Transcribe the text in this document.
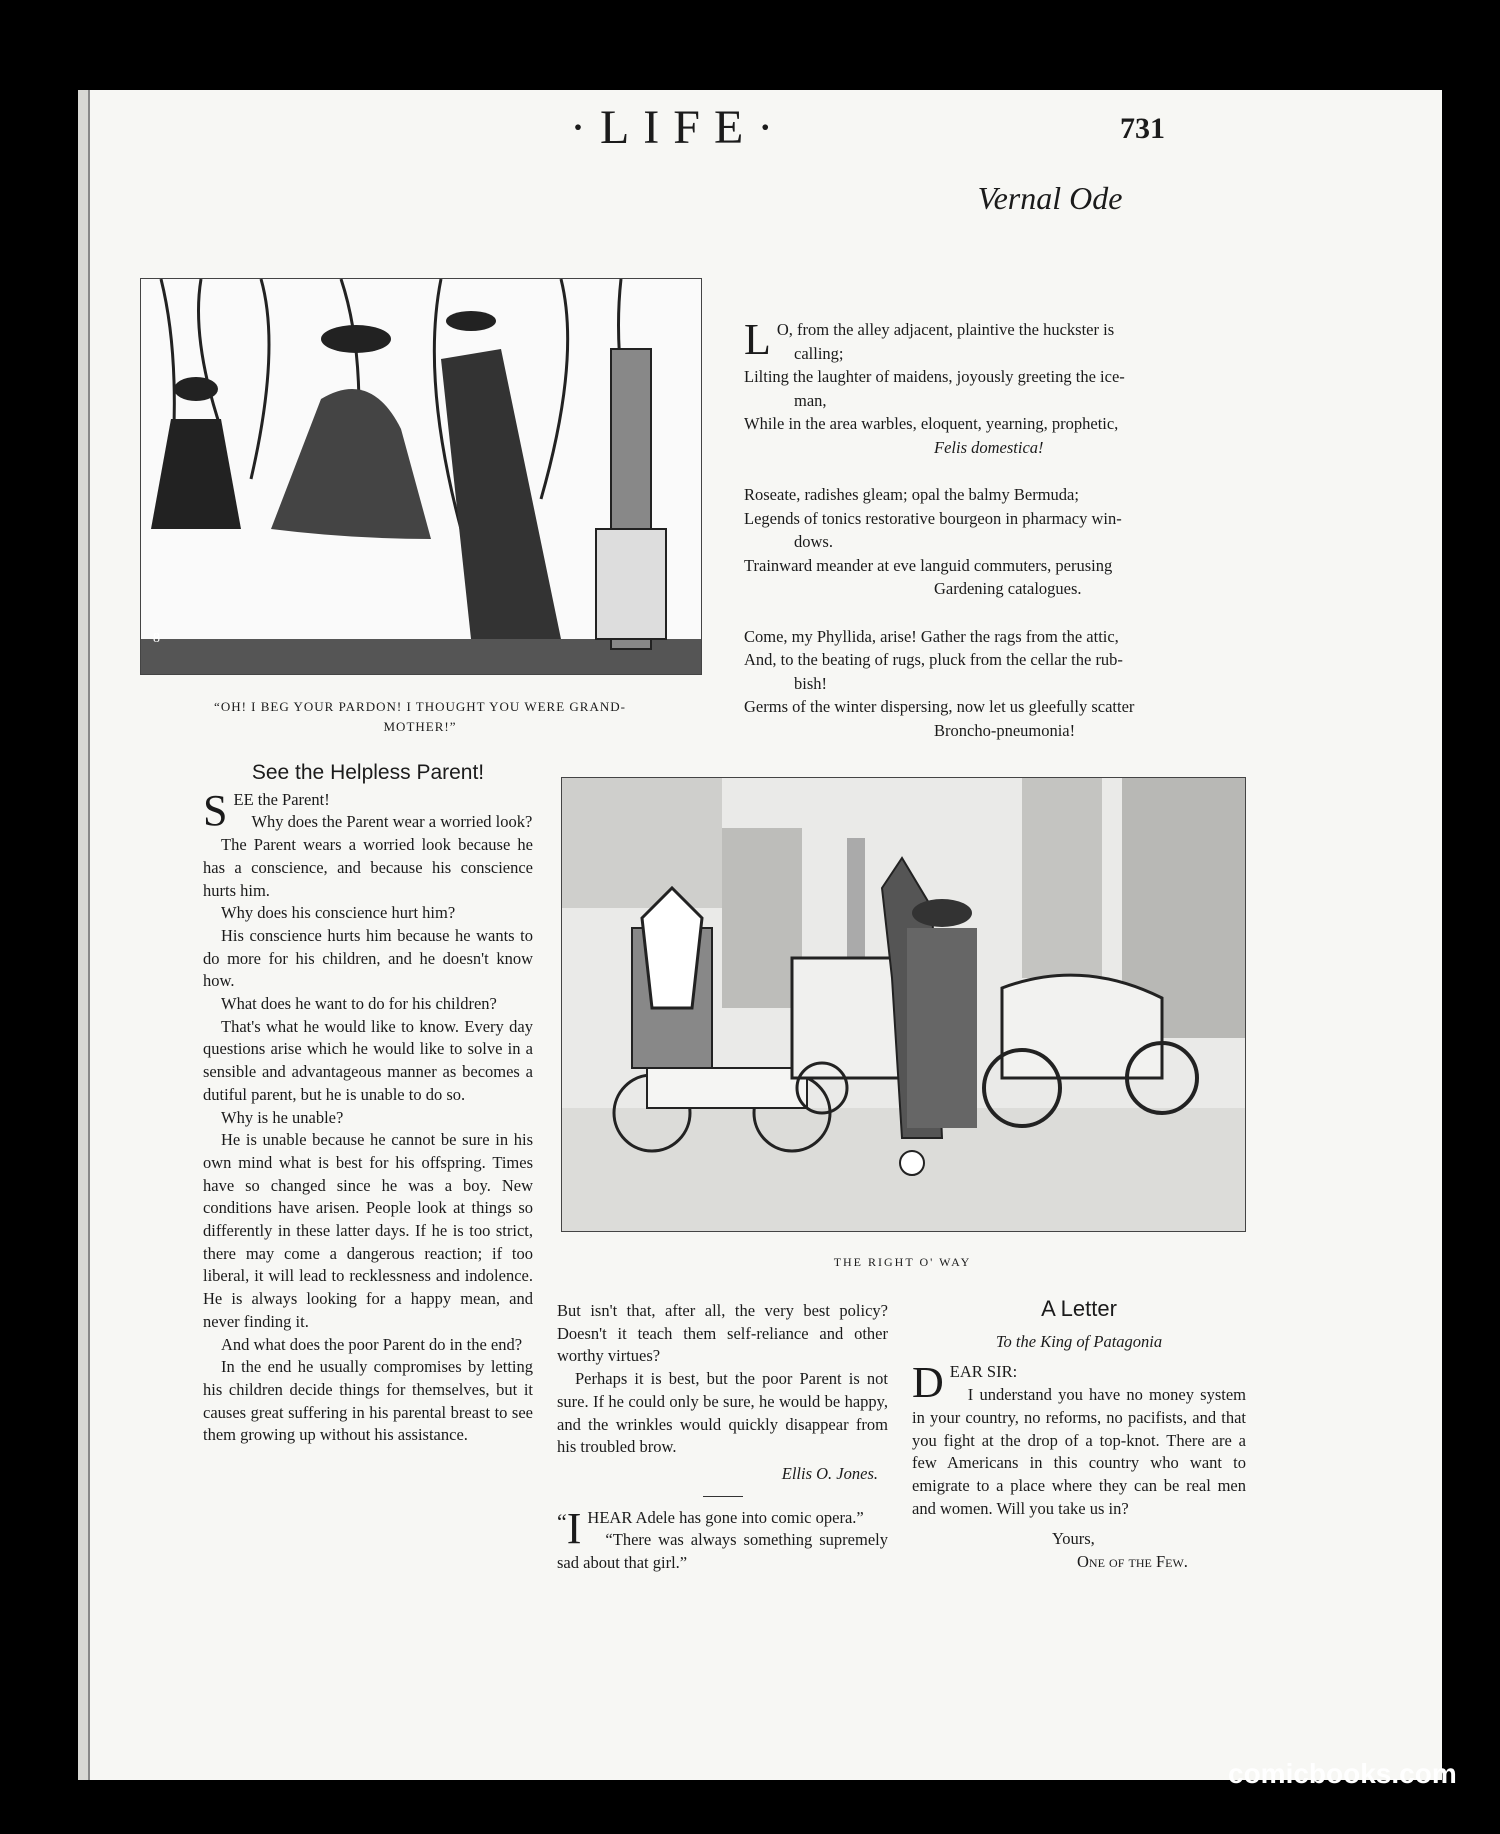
·LIFE·	731
8
“OH! I BEG YOUR PARDON! I THOUGHT YOU WERE GRAND-
MOTHER!”
Vernal Ode
L O, from the alley adjacent, plaintive the huckster is

calling;

Lilting the laughter of maidens, joyously greeting the ice-

man,

While in the area warbles, eloquent, yearning, prophetic,

Felis domestica!

Roseate, radishes gleam; opal the balmy Bermuda;

Legends of tonics restorative bourgeon in pharmacy win-

dows.

Trainward meander at eve languid commuters, perusing

Gardening catalogues.

Come, my Phyllida, arise! Gather the rags from the attic,

And, to the beating of rugs, pluck from the cellar the rub-

bish!

Germs of the winter dispersing, now let us gleefully scatter

Broncho-pneumonia!

See the Helpless Parent!
S EE the Parent!

Why does the Parent wear a worried look?

The Parent wears a worried look because he has a conscience, and because his conscience hurts him.

Why does his conscience hurt him?

His conscience hurts him because he wants to do more for his children, and he doesn't know how.

What does he want to do for his children?

That's what he would like to know. Every day questions arise which he would like to solve in a sensible and advantageous manner as becomes a dutiful parent, but he is unable to do so.

Why is he unable?

He is unable because he cannot be sure in his own mind what is best for his offspring. Times have so changed since he was a boy. New conditions have arisen. People look at things so differently in these latter days. If he is too strict, there may come a dangerous reaction; if too liberal, it will lead to recklessness and indolence. He is always looking for a happy mean, and never finding it.

And what does the poor Parent do in the end?

In the end he usually compromises by letting his children decide things for themselves, but it causes great suffering in his parental breast to see them growing up without his assistance.

THE RIGHT O' WAY

But isn't that, after all, the very best policy? Doesn't it teach them self-reliance and other worthy virtues?

Perhaps it is best, but the poor Parent is not sure. If he could only be sure, he would be happy, and the wrinkles would quickly disappear from his troubled brow.

Ellis O. Jones.
“ I HEAR Adele has gone into comic opera.”

“There was always something supremely sad about that girl.”

A Letter
To the King of Patagonia
D EAR SIR:

I understand you have no money system in your country, no reforms, no pacifists, and that you fight at the drop of a top-knot. There are a few Americans in this country who want to emigrate to a place where they can be real men and women. Will you take us in?

Yours,
One of the Few.
comicbooks.com
